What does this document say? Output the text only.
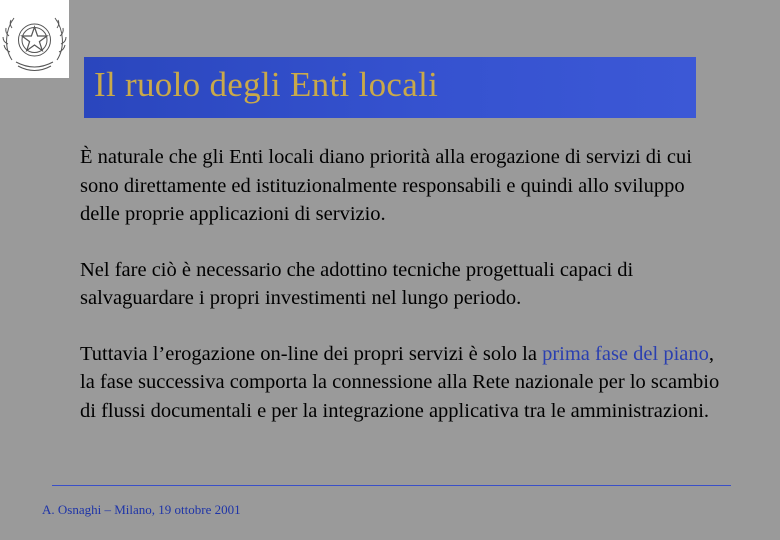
Il ruolo degli Enti locali

È naturale che gli Enti locali diano priorità alla erogazione di servizi di cui sono direttamente ed istituzionalmente responsabili e quindi allo sviluppo delle proprie applicazioni di servizio.

Nel fare ciò è necessario che adottino tecniche progettuali capaci di salvaguardare i propri investimenti nel lungo periodo.

Tuttavia l’erogazione on-line dei propri servizi è solo la prima fase del piano, la fase successiva comporta la connessione alla Rete nazionale per lo scambio di flussi documentali e per la integrazione applicativa tra le amministrazioni.

A. Osnaghi – Milano, 19 ottobre 2001
